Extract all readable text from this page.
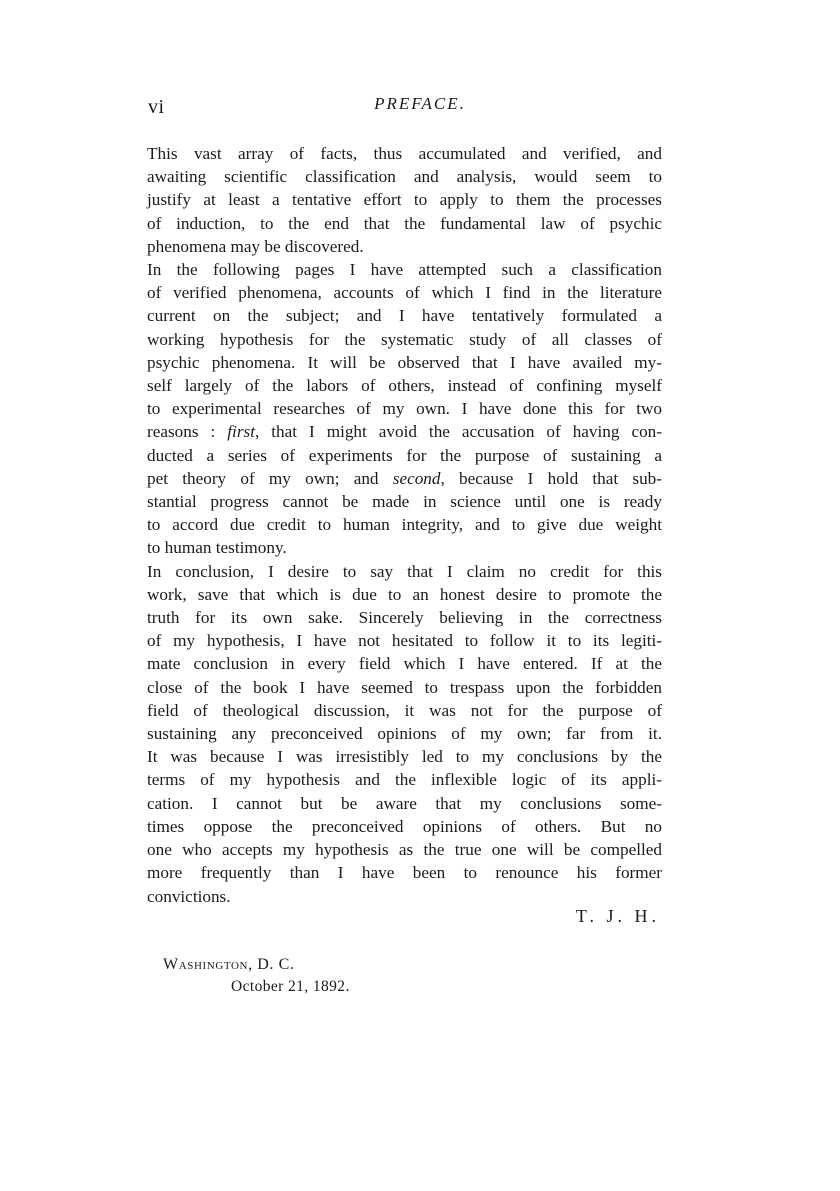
vi	PREFACE.
This vast array of facts, thus accumulated and verified, and
awaiting scientific classification and analysis, would seem to
justify at least a tentative effort to apply to them the processes
of induction, to the end that the fundamental law of psychic
phenomena may be discovered.
In the following pages I have attempted such a classification
of verified phenomena, accounts of which I find in the literature
current on the subject; and I have tentatively formulated a
working hypothesis for the systematic study of all classes of
psychic phenomena. It will be observed that I have availed my-
self largely of the labors of others, instead of confining myself
to experimental researches of my own. I have done this for two
reasons : first, that I might avoid the accusation of having con-
ducted a series of experiments for the purpose of sustaining a
pet theory of my own; and second, because I hold that sub-
stantial progress cannot be made in science until one is ready
to accord due credit to human integrity, and to give due weight
to human testimony.
In conclusion, I desire to say that I claim no credit for this
work, save that which is due to an honest desire to promote the
truth for its own sake. Sincerely believing in the correctness
of my hypothesis, I have not hesitated to follow it to its legiti-
mate conclusion in every field which I have entered. If at the
close of the book I have seemed to trespass upon the forbidden
field of theological discussion, it was not for the purpose of
sustaining any preconceived opinions of my own; far from it.
It was because I was irresistibly led to my conclusions by the
terms of my hypothesis and the inflexible logic of its appli-
cation. I cannot but be aware that my conclusions some-
times oppose the preconceived opinions of others. But no
one who accepts my hypothesis as the true one will be compelled
more frequently than I have been to renounce his former
convictions.
T. J. H.
Washington, D. C.
October 21, 1892.
